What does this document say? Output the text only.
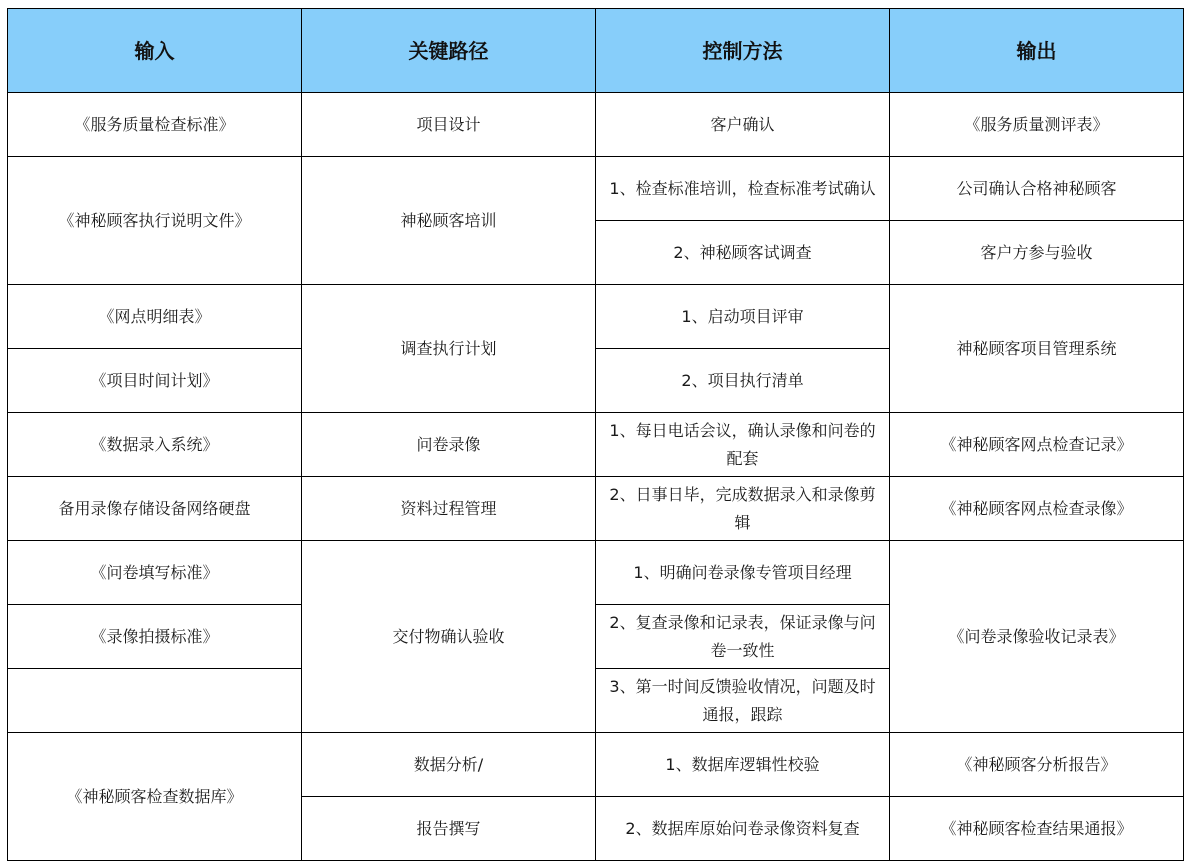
输入	关键路径	控制方法	输出
《服务质量检查标准》	项目设计	客户确认	《服务质量测评表》
《神秘顾客执行说明文件》	神秘顾客培训	1、检查标准培训，检查标准考试确认	公司确认合格神秘顾客
		2、神秘顾客试调查	客户方参与验收
《网点明细表》	调查执行计划	1、启动项目评审	神秘顾客项目管理系统
《项目时间计划》		2、项目执行清单	
《数据录入系统》	问卷录像	1、每日电话会议，确认录像和问卷的配套	《神秘顾客网点检查记录》
备用录像存储设备网络硬盘	资料过程管理	2、日事日毕，完成数据录入和录像剪辑	《神秘顾客网点检查录像》
《问卷填写标准》	交付物确认验收	1、明确问卷录像专管项目经理	《问卷录像验收记录表》
《录像拍摄标准》		2、复查录像和记录表，保证录像与问卷一致性	
		3、第一时间反馈验收情况，问题及时通报，跟踪	
《神秘顾客检查数据库》	数据分析/	1、数据库逻辑性校验	《神秘顾客分析报告》
	报告撰写	2、数据库原始问卷录像资料复查	《神秘顾客检查结果通报》
